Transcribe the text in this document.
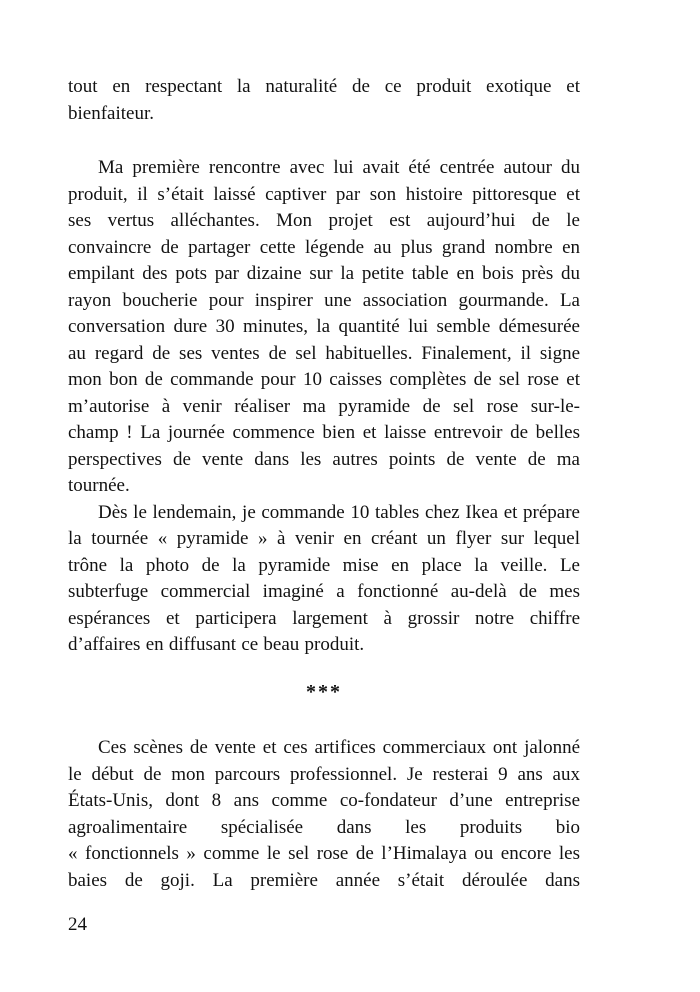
tout en respectant la naturalité de ce produit exotique et
bienfaiteur.
Ma première rencontre avec lui avait été centrée autour du
produit, il s’était laissé captiver par son histoire pittoresque et
ses vertus alléchantes. Mon projet est aujourd’hui de le
convaincre de partager cette légende au plus grand nombre en
empilant des pots par dizaine sur la petite table en bois près du
rayon boucherie pour inspirer une association gourmande. La
conversation dure 30 minutes, la quantité lui semble démesurée
au regard de ses ventes de sel habituelles. Finalement, il signe
mon bon de commande pour 10 caisses complètes de sel rose et
m’autorise à venir réaliser ma pyramide de sel rose sur-le-
champ ! La journée commence bien et laisse entrevoir de belles
perspectives de vente dans les autres points de vente de ma
tournée.
Dès le lendemain, je commande 10 tables chez Ikea et prépare
la tournée « pyramide » à venir en créant un flyer sur lequel
trône la photo de la pyramide mise en place la veille. Le
subterfuge commercial imaginé a fonctionné au-delà de mes
espérances et participera largement à grossir notre chiffre
d’affaires en diffusant ce beau produit.
***
Ces scènes de vente et ces artifices commerciaux ont jalonné
le début de mon parcours professionnel. Je resterai 9 ans aux
États-Unis, dont 8 ans comme co-fondateur d’une entreprise
agroalimentaire spécialisée dans les produits bio
« fonctionnels » comme le sel rose de l’Himalaya ou encore les
baies de goji. La première année s’était déroulée dans
24
